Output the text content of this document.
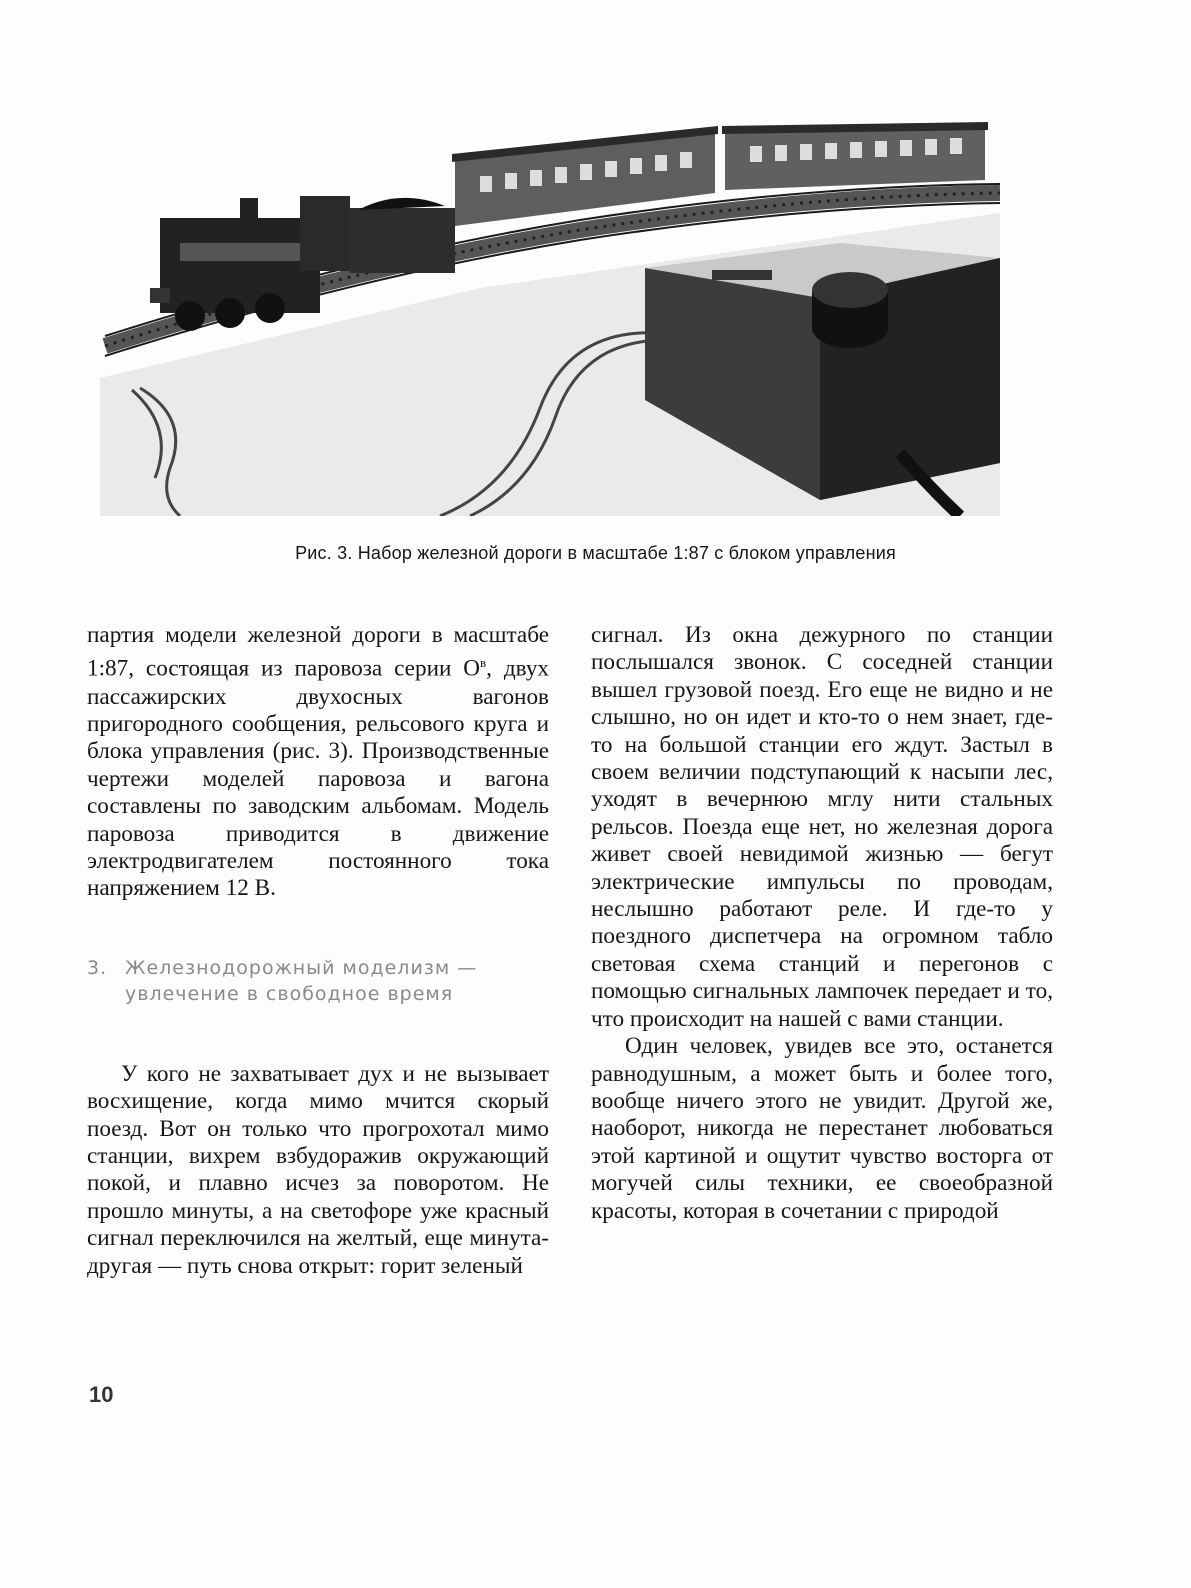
Рис. 3. Набор железной дороги в масштабе 1:87 с блоком управления

партия модели железной дороги в масштабе 1:87, состоящая из паровоза серии $О^в$, двух пассажирских двухосных вагонов пригородного сообщения, рельсового круга и блока управления (рис. 3). Производственные чертежи моделей паровоза и вагона составлены по заводским альбомам. Модель паровоза приводится в движение электродвигателем постоянного тока напряжением 12 В.

3. Железнодорожный моделизм —
увлечение в свободное время

У кого не захватывает дух и не вызывает восхищение, когда мимо мчится скорый поезд. Вот он только что прогрохотал мимо станции, вихрем взбудоражив окружающий покой, и плавно исчез за поворотом. Не прошло минуты, а на светофоре уже красный сигнал переключился на желтый, еще минута-другая — путь снова открыт: горит зеленый

сигнал. Из окна дежурного по станции послышался звонок. С соседней станции вышел грузовой поезд. Его еще не видно и не слышно, но он идет и кто-то о нем знает, где-то на большой станции его ждут. Застыл в своем величии подступающий к насыпи лес, уходят в вечернюю мглу нити стальных рельсов. Поезда еще нет, но железная дорога живет своей невидимой жизнью — бегут электрические импульсы по проводам, неслышно работают реле. И где-то у поездного диспетчера на огромном табло световая схема станций и перегонов с помощью сигнальных лампочек передает и то, что происходит на нашей с вами станции.

Один человек, увидев все это, останется равнодушным, а может быть и более того, вообще ничего этого не увидит. Другой же, наоборот, никогда не перестанет любоваться этой картиной и ощутит чувство восторга от могучей силы техники, ее своеобразной красоты, которая в сочетании с природой

10
